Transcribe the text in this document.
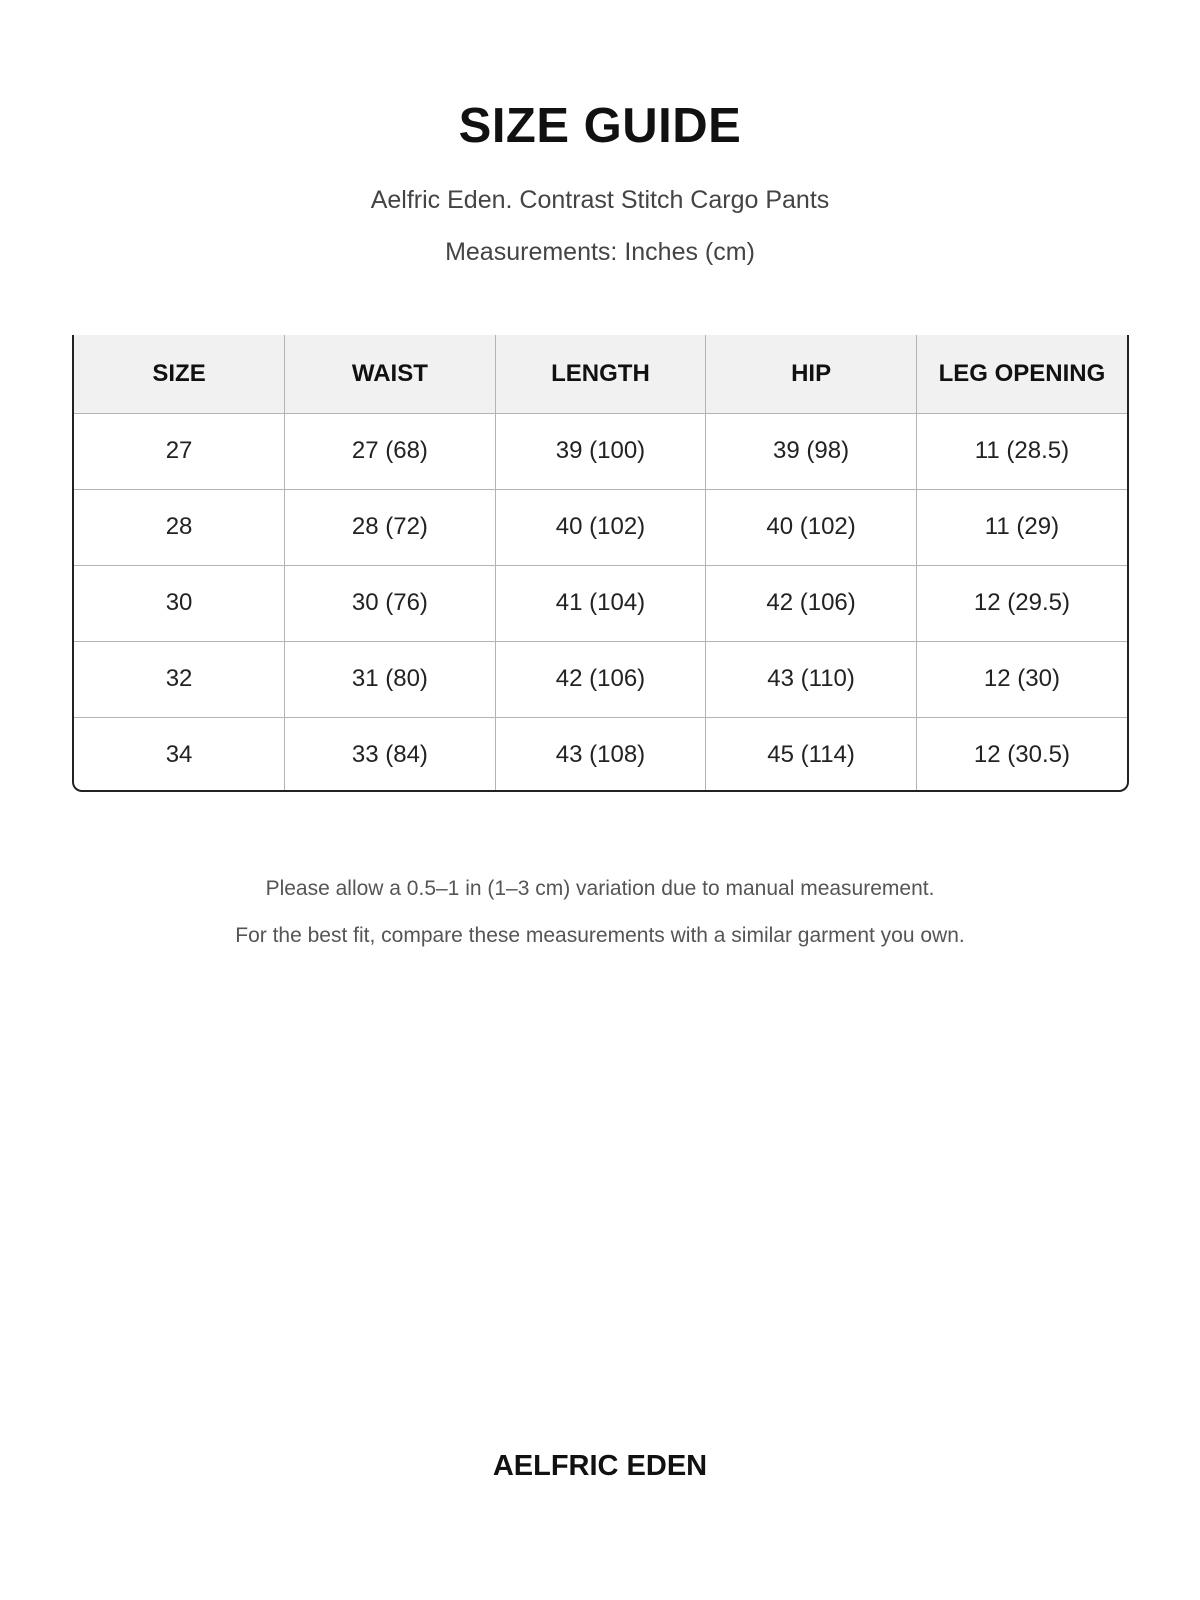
SIZE GUIDE
Aelfric Eden. Contrast Stitch Cargo Pants
Measurements: Inches (cm)
SIZE	WAIST	LENGTH	HIP	LEG OPENING
27	27 (68)	39 (100)	39 (98)	11 (28.5)
28	28 (72)	40 (102)	40 (102)	11 (29)
30	30 (76)	41 (104)	42 (106)	12 (29.5)
32	31 (80)	42 (106)	43 (110)	12 (30)
34	33 (84)	43 (108)	45 (114)	12 (30.5)
Please allow a 0.5–1 in (1–3 cm) variation due to manual measurement.
For the best fit, compare these measurements with a similar garment you own.
AELFRIC EDEN
